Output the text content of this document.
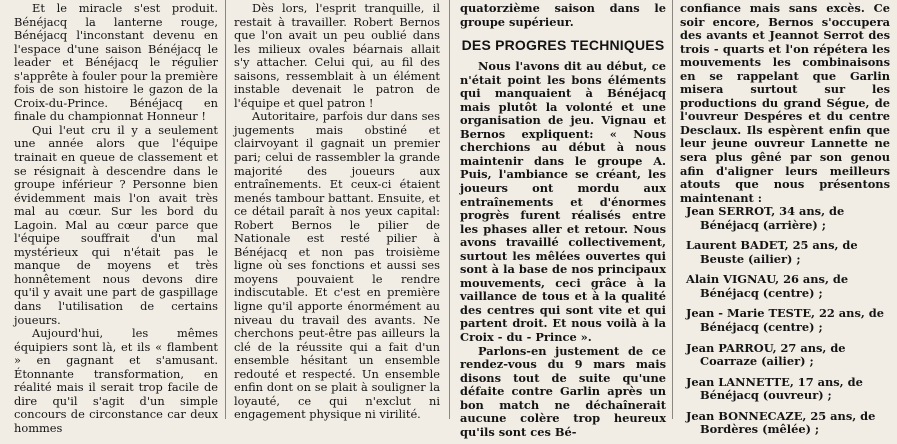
Et le miracle s'est produit. Bénéjacq la lanterne rouge, Bénéjacq l'inconstant devenu en l'espace d'une saison Bénéjacq le leader et Bénéjacq le régulier s'apprête à fouler pour la première fois de son histoire le gazon de la Croix-du-Prince. Bénéjacq en finale du championnat Honneur !

Qui l'eut cru il y a seulement une année alors que l'équipe trainait en queue de classement et se résignait à descendre dans le groupe inférieur ? Personne bien évidemment mais l'on avait très mal au cœur. Sur les bord du Lagoin. Mal au cœur parce que l'équipe souffrait d'un mal mystérieux qui n'était pas le manque de moyens et très honnêtement nous devons dire qu'il y avait une part de gaspillage dans l'utilisation de certains joueurs.

Aujourd'hui, les mêmes équipiers sont là, et ils « flambent » en gagnant et s'amusant. Étonnante transformation, en réalité mais il serait trop facile de dire qu'il s'agit d'un simple concours de circonstance car deux hommes

Dès lors, l'esprit tranquille, il restait à travailler. Robert Bernos que l'on avait un peu oublié dans les milieux ovales béarnais allait s'y attacher. Celui qui, au fil des saisons, ressemblait à un élément instable devenait le patron de l'équipe et quel patron !

Autoritaire, parfois dur dans ses jugements mais obstiné et clairvoyant il gagnait un premier pari; celui de rassembler la grande majorité des joueurs aux entraînements. Et ceux-ci étaient menés tambour battant. Ensuite, et ce détail paraît à nos yeux capital: Robert Bernos le pilier de Nationale est resté pilier à Bénéjacq et non pas troisième ligne où ses fonctions et aussi ses moyens pouvaient le rendre indiscutable. Et c'est en première ligne qu'il apporte énormément au niveau du travail des avants. Ne cherchons peut-être pas ailleurs la clé de la réussite qui a fait d'un ensemble hésitant un ensemble redouté et respecté. Un ensemble enfin dont on se plait à souligner la loyauté, ce qui n'exclut ni engagement physique ni virilité.

quatorzième saison dans le groupe supérieur.

DES PROGRES TECHNIQUES

Nous l'avons dit au début, ce n'était point les bons éléments qui manquaient à Bénéjacq mais plutôt la volonté et une organisation de jeu. Vignau et Bernos expliquent: « Nous cherchions au début à nous maintenir dans le groupe A. Puis, l'ambiance se créant, les joueurs ont mordu aux entraînements et d'énormes progrès furent réalisés entre les phases aller et retour. Nous avons travaillé collectivement, surtout les mêlées ouvertes qui sont à la base de nos principaux mouvements, ceci grâce à la vaillance de tous et à la qualité des centres qui sont vite et qui partent droit. Et nous voilà à la Croix - du - Prince ».

Parlons-en justement de ce rendez-vous du 9 mars mais disons tout de suite qu'une défaite contre Garlin après un bon match ne déchaînerait aucune colère trop heureux qu'ils sont ces Bé-

confiance mais sans excès. Ce soir encore, Bernos s'occupera des avants et Jeannot Serrot des trois - quarts et l'on répétera les mouvements les combinaisons en se rappelant que Garlin misera surtout sur les productions du grand Ségue, de l'ouvreur Despéres et du centre Desclaux. Ils espèrent enfin que leur jeune ouvreur Lannette ne sera plus gêné par son genou afin d'aligner leurs meilleurs atouts que nous présentons maintenant :

Jean SERROT, 34 ans, de Bénéjacq (arrière) ;
Laurent BADET, 25 ans, de Beuste (ailier) ;
Alain VIGNAU, 26 ans, de Bénéjacq (centre) ;
Jean - Marie TESTE, 22 ans, de Bénéjacq (centre) ;
Jean PARROU, 27 ans, de Coarraze (ailier) ;
Jean LANNETTE, 17 ans, de Bénéjacq (ouvreur) ;
Jean BONNECAZE, 25 ans, de Bordères (mêlée) ;
